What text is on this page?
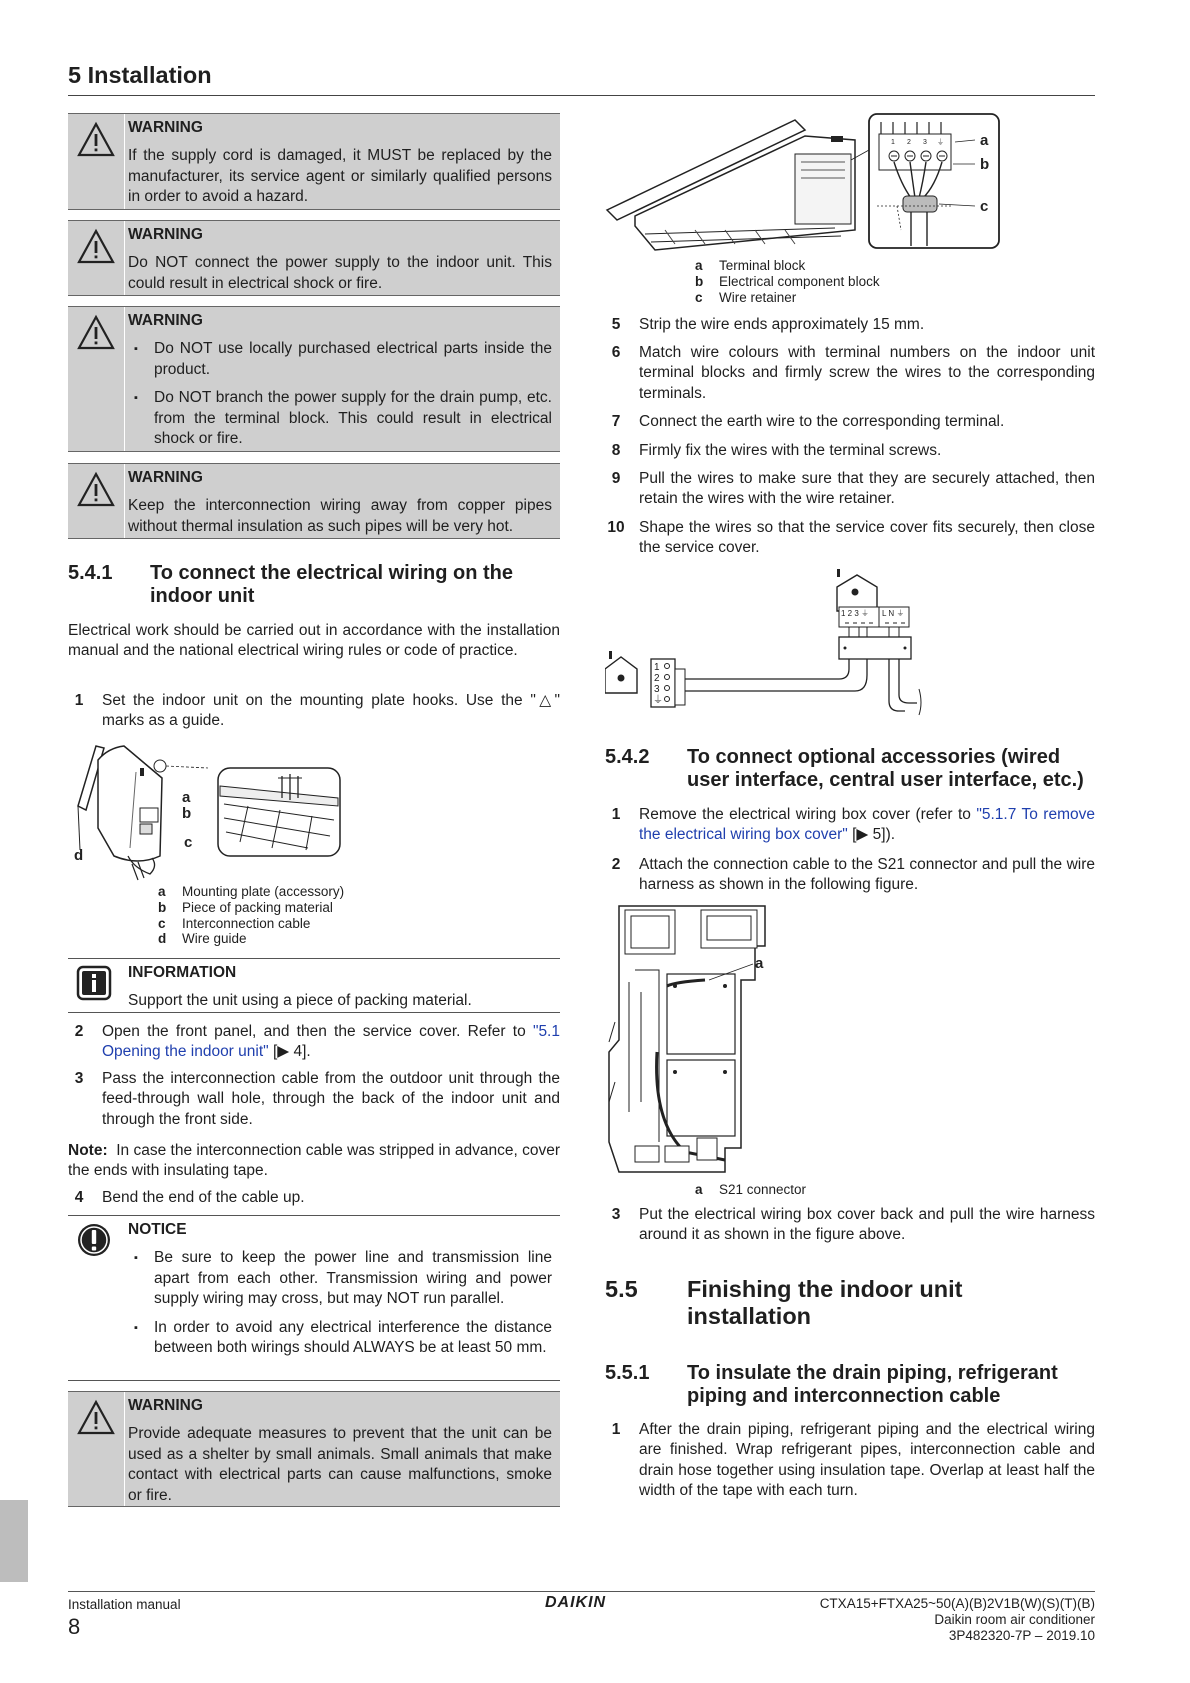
5 Installation
WARNING
If the supply cord is damaged, it MUST be replaced by the manufacturer, its service agent or similarly qualified persons in order to avoid a hazard.
WARNING
Do NOT connect the power supply to the indoor unit. This could result in electrical shock or fire.
WARNING
▪ Do NOT use locally purchased electrical parts inside the product.
▪ Do NOT branch the power supply for the drain pump, etc. from the terminal block. This could result in electrical shock or fire.
WARNING
Keep the interconnection wiring away from copper pipes without thermal insulation as such pipes will be very hot.
5.4.1 To connect the electrical wiring on the indoor unit
Electrical work should be carried out in accordance with the installation manual and the national electrical wiring rules or code of practice.
1	Set the indoor unit on the mounting plate hooks. Use the "△" marks as a guide.
a
b
c
d
a	Mounting plate (accessory)
b	Piece of packing material
c	Interconnection cable
d	Wire guide
INFORMATION
Support the unit using a piece of packing material.
2	Open the front panel, and then the service cover. Refer to "5.1 Opening the indoor unit" [▶ 4].
3	Pass the interconnection cable from the outdoor unit through the feed-through wall hole, through the back of the indoor unit and through the front side.
Note: In case the interconnection cable was stripped in advance, cover the ends with insulating tape.
4	Bend the end of the cable up.
NOTICE
▪ Be sure to keep the power line and transmission line apart from each other. Transmission wiring and power supply wiring may cross, but may NOT run parallel.
▪ In order to avoid any electrical interference the distance between both wirings should ALWAYS be at least 50 mm.
WARNING
Provide adequate measures to prevent that the unit can be used as a shelter by small animals. Small animals that make contact with electrical parts can cause malfunctions, smoke or fire.
1 2 3 ⏚ a
b
c
a	Terminal block
b	Electrical component block
c	Wire retainer
5	Strip the wire ends approximately 15 mm.
6	Match wire colours with terminal numbers on the indoor unit terminal blocks and firmly screw the wires to the corresponding terminals.
7	Connect the earth wire to the corresponding terminal.
8	Firmly fix the wires with the terminal screws.
9	Pull the wires to make sure that they are securely attached, then retain the wires with the wire retainer.
10 Shape the wires so that the service cover fits securely, then close the service cover.
1 2 3 ⏚ L N ⏚
1
2
3
⏚
5.4.2 To connect optional accessories (wired user interface, central user interface, etc.)
1	Remove the electrical wiring box cover (refer to "5.1.7 To remove the electrical wiring box cover" [▶ 5]).
2	Attach the connection cable to the S21 connector and pull the wire harness as shown in the following figure.
a
a	S21 connector
3	Put the electrical wiring box cover back and pull the wire harness around it as shown in the figure above.
5.5 Finishing the indoor unit installation
5.5.1 To insulate the drain piping, refrigerant piping and interconnection cable
1	After the drain piping, refrigerant piping and the electrical wiring are finished. Wrap refrigerant pipes, interconnection cable and drain hose together using insulation tape. Overlap at least half the width of the tape with each turn.
Installation manual
8
DAIKIN	CTXA15+FTXA25~50(A)(B)2V1B(W)(S)(T)(B)
Daikin room air conditioner
3P482320-7P – 2019.10
